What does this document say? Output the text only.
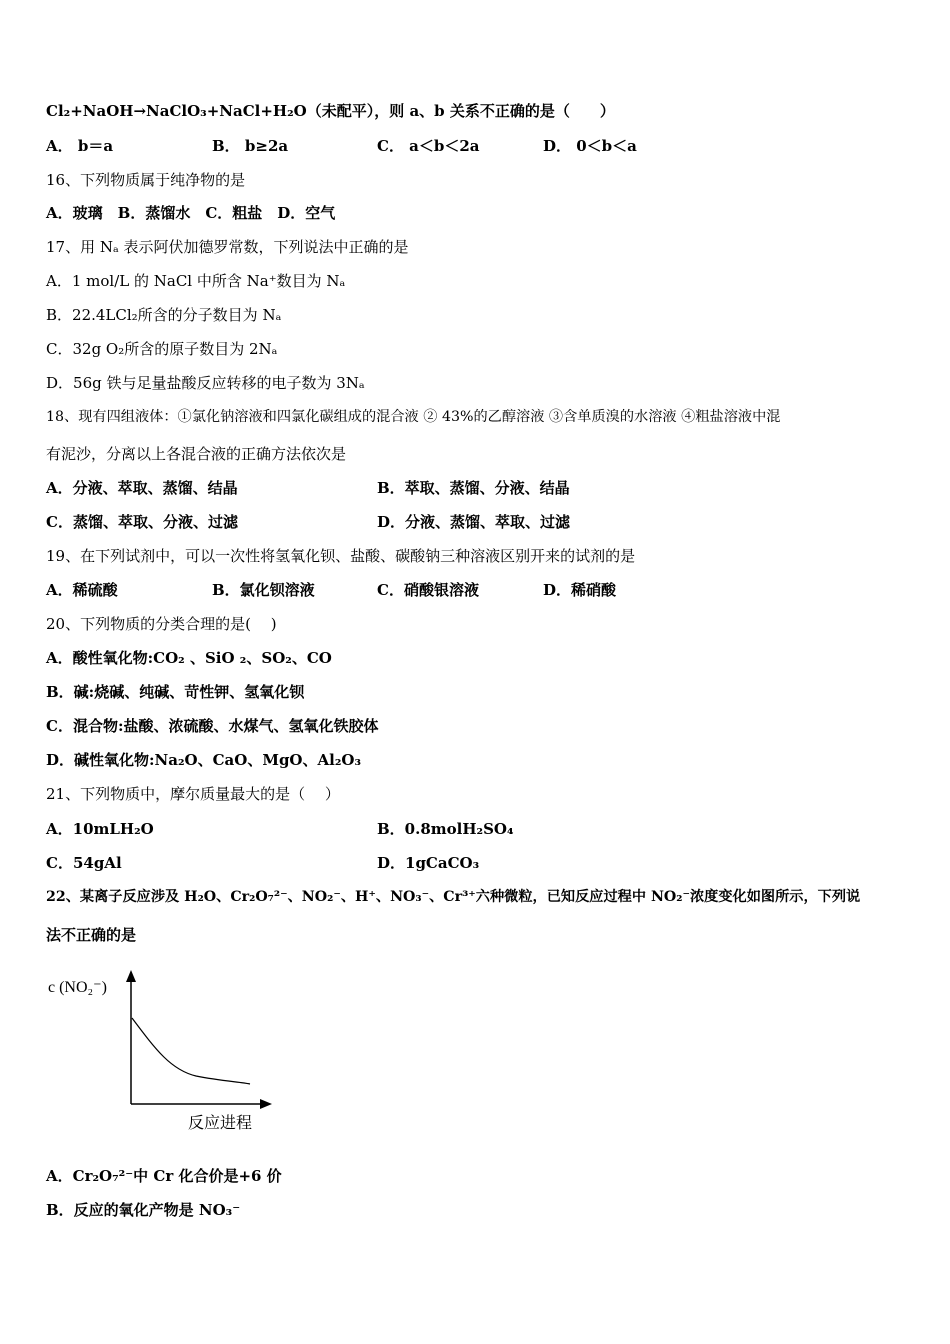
Cl₂+NaOH→NaClO₃+NaCl+H₂O（未配平），则 a、b 关系不正确的是（　　）
A． b＝a	B． b≥2a	C． a＜b＜2a	D． 0＜b＜a
16、下列物质属于纯净物的是
A．玻璃　B．蒸馏水　C．粗盐　D．空气
17、用 Nₐ 表示阿伏加德罗常数，下列说法中正确的是
A．1 mol/L 的 NaCl 中所含 Na⁺数目为 Nₐ
B．22.4LCl₂所含的分子数目为 Nₐ
C．32g O₂所含的原子数目为 2Nₐ
D．56g 铁与足量盐酸反应转移的电子数为 3Nₐ
18、现有四组液体：①氯化钠溶液和四氯化碳组成的混合液 ② 43%的乙醇溶液 ③含单质溴的水溶液 ④粗盐溶液中混
有泥沙，分离以上各混合液的正确方法依次是
A．分液、萃取、蒸馏、结晶	B．萃取、蒸馏、分液、结晶
C．蒸馏、萃取、分液、过滤	D．分液、蒸馏、萃取、过滤
19、在下列试剂中，可以一次性将氢氧化钡、盐酸、碳酸钠三种溶液区别开来的试剂的是
A．稀硫酸	B．氯化钡溶液	C．硝酸银溶液	D．稀硝酸
20、下列物质的分类合理的是(　 )
A．酸性氧化物:CO₂ 、SiO ₂、SO₂、CO
B．碱:烧碱、纯碱、苛性钾、氢氧化钡
C．混合物:盐酸、浓硫酸、水煤气、氢氧化铁胶体
D．碱性氧化物:Na₂O、CaO、MgO、Al₂O₃
21、下列物质中，摩尔质量最大的是（　 ）
A．10mLH₂O	B．0.8molH₂SO₄
C．54gAl	D．1gCaCO₃
22、某离子反应涉及 H₂O、Cr₂O₇²⁻、NO₂⁻、H⁺、NO₃⁻、Cr³⁺六种微粒，已知反应过程中 NO₂⁻浓度变化如图所示，下列说
法不正确的是
c (NO₂⁻)
反应进程
A．Cr₂O₇²⁻中 Cr 化合价是+6 价
B．反应的氧化产物是 NO₃⁻
